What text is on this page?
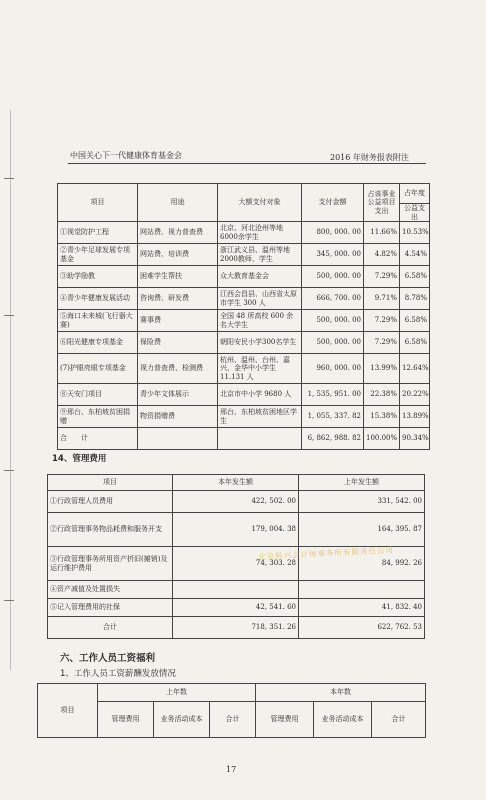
中国关心下一代健康体育基金会	2016 年财务报表附注
项目	用途	大额支付对象	支付金额	占该事业公益项目支出	占年度
					公益支出
①视觉防护工程	网站费、视力普查费	北京、河北沧州等地6000余学生	800, 000. 00	11.66%	10.53%
②青少年足球发展专项基金	网站费、培训费	浙江武义县、温州等地2000教师、学生	345, 000. 00	4.82%	4.54%
③助学励教	困难学生帮扶	众大教育基金会	500, 000. 00	7.29%	6.58%
④青少年健康发展活动	咨询费、研发费	江西会昌县、山西省太原市学生 300 人	666, 700. 00	9.71%	8.78%
⑤海口未来城(飞行器大赛)	赛事费	全国 48 所高校 600 余名大学生	500, 000. 00	7.29%	6.58%
⑥阳光健康专项基金	保险费	朝阳安民小学300名学生	500, 000. 00	7.29%	6.58%
(7)护眼亮眼专项基金	视力普查费、检测费	杭州、温州、台州、嘉兴、金华中小学生 11.131 人	960, 000. 00	13.99%	12.64%
⑧天安门项目	青少年文体展示	北京市中小学 9680 人	1, 535, 951. 00	22.38%	20.22%
⑨邢台、东柏坡贫困捐赠	物资捐赠费	邢台、东柏坡贫困地区学生	1, 055, 337. 82	15.38%	13.89%
合　　计			6, 862, 988. 82	100.00%	90.34%
14、管理费用
项目	本年发生额	上年发生额
①行政管理人员费用	422, 502. 00	331, 542. 00
②行政管理事务物品耗费和服务开支	179, 004. 38	164, 395. 87
③行政管理事务所用资产折旧(摊销)及运行维护费用	74, 303. 28	84, 992. 26
④资产减值及处置损失		
⑤记入管理费用的社保	42, 541. 60	41, 832. 40
合计	718, 351. 26	622, 762. 53
北京科兴会计师事务所有限责任公司
六、工作人员工资福利
1、工作人员工资薪酬发放情况
项目	上年数			本年数		
	管理费用	业务活动成本	合计	管理费用	业务活动成本	合计
17
